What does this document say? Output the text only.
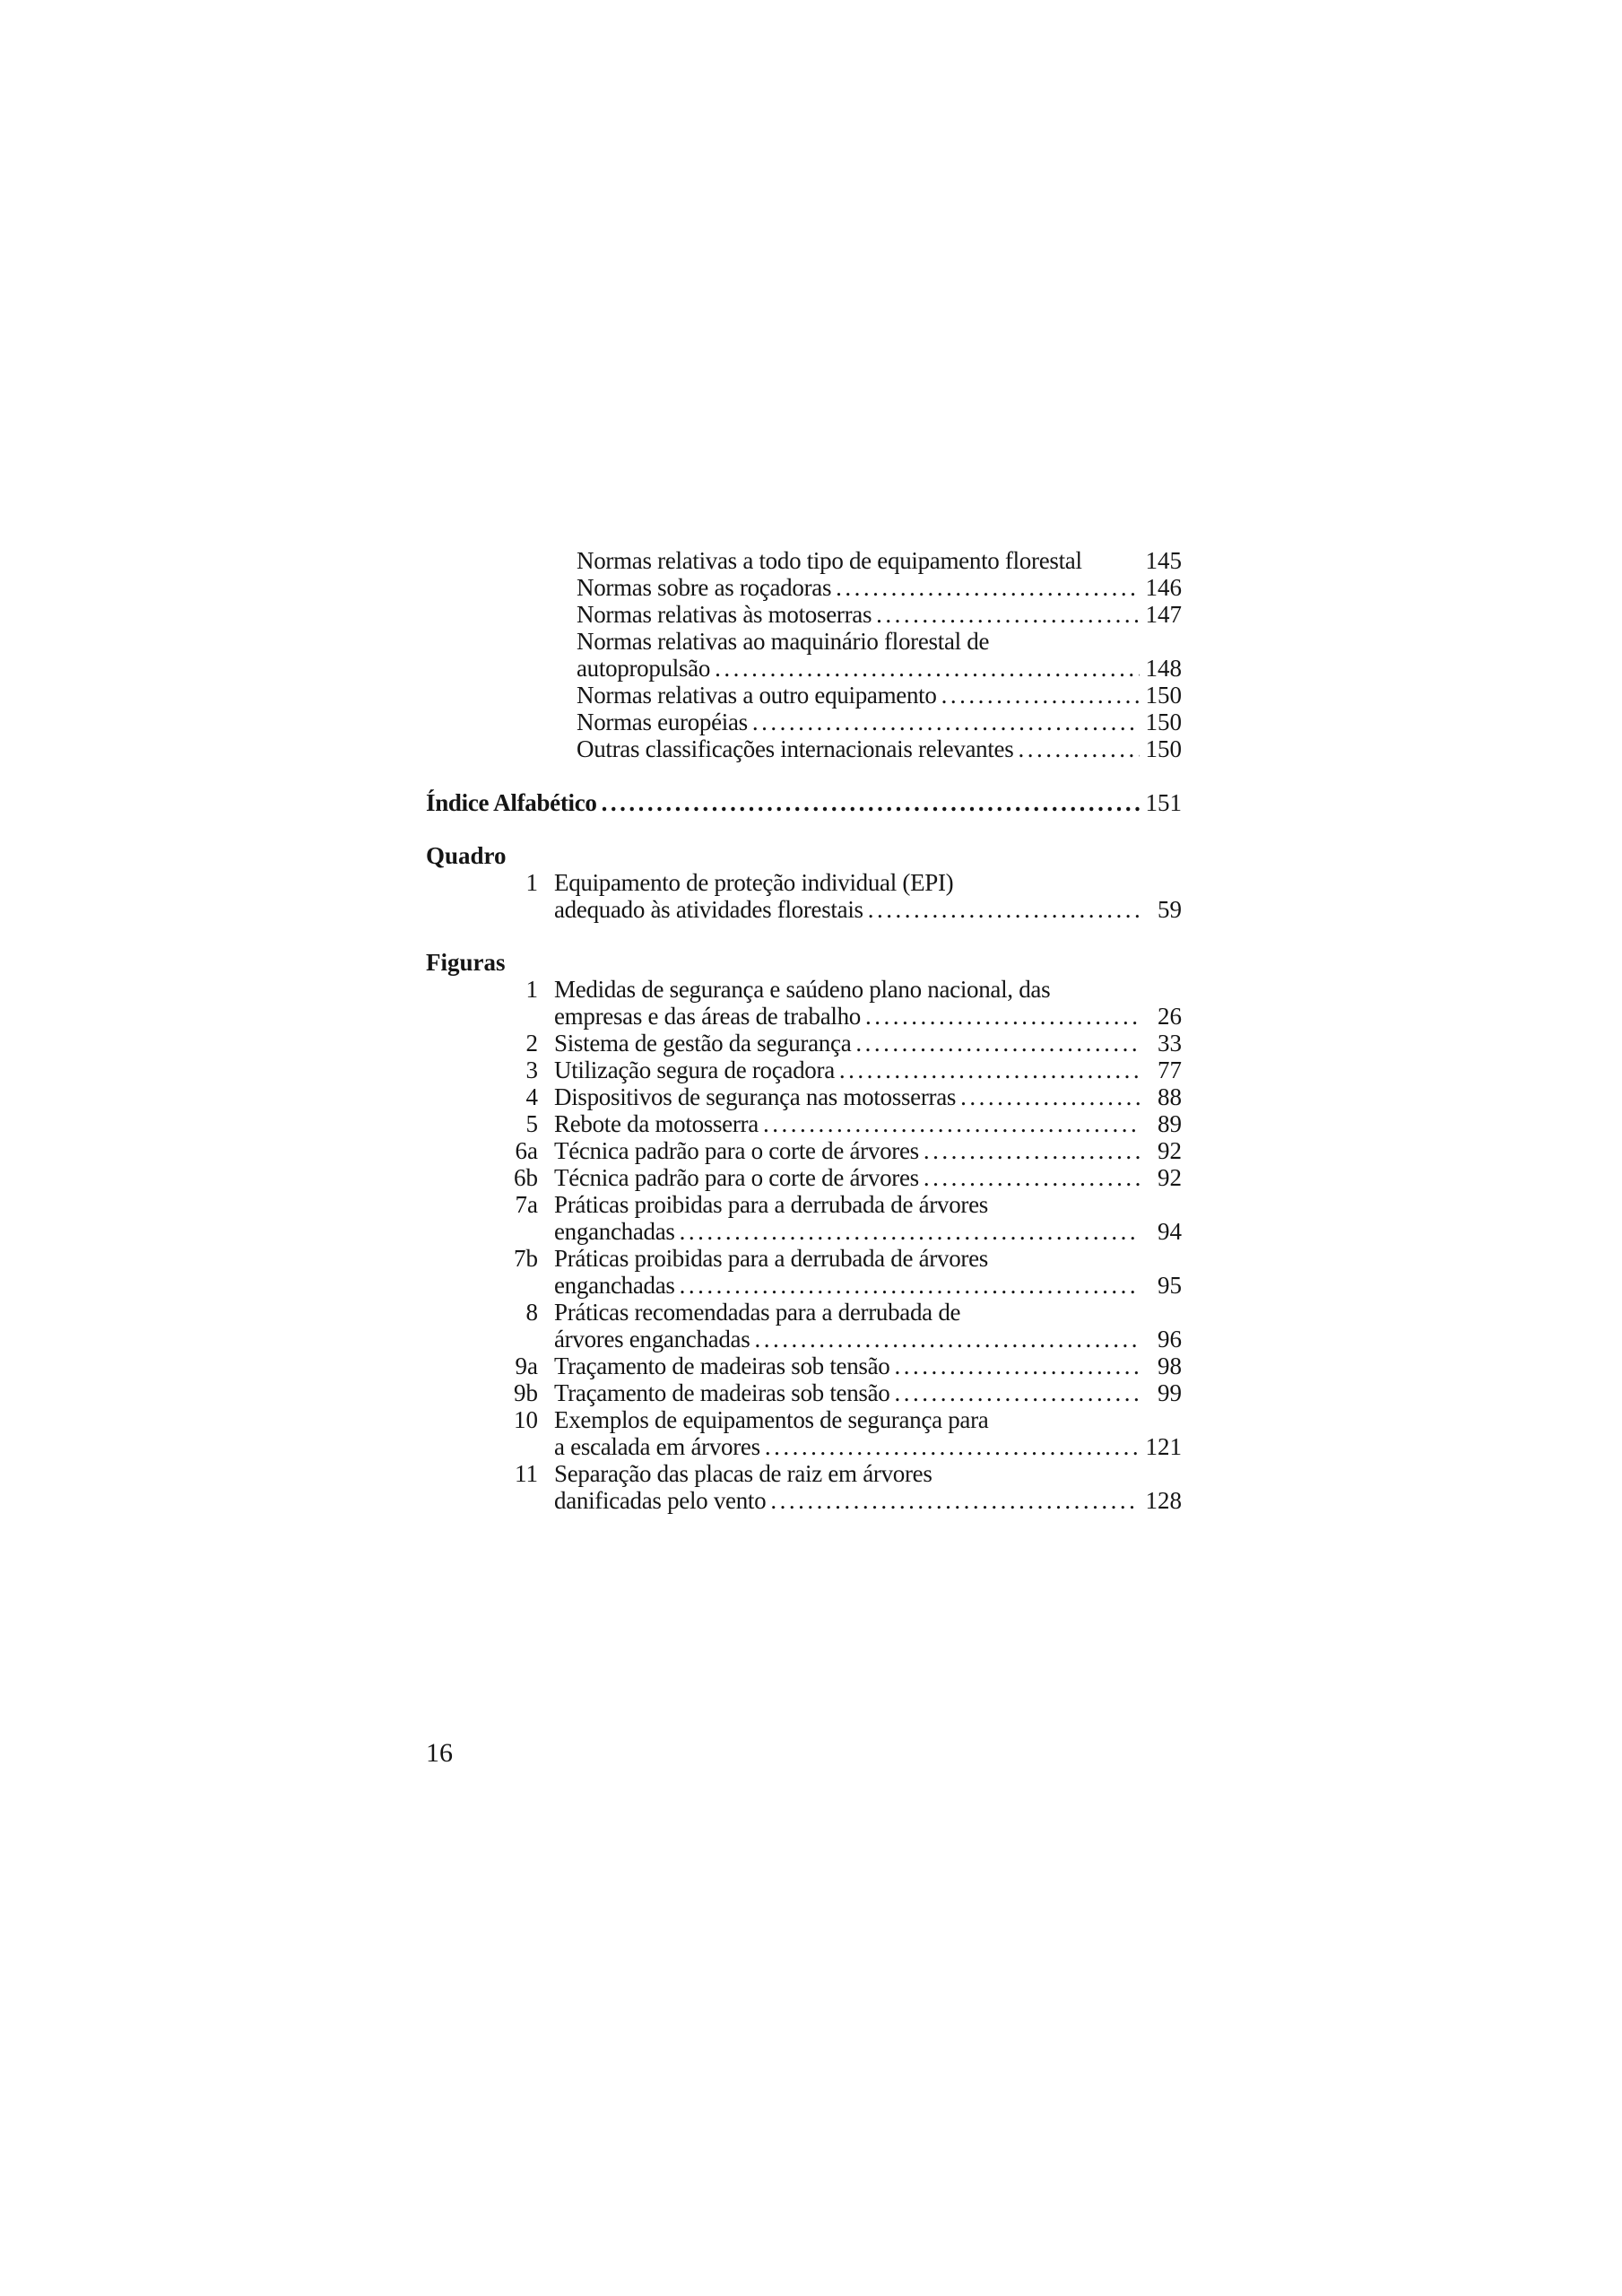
Normas relativas a todo tipo de equipamento florestal	145
Normas sobre as roçadoras .....	146
Normas relativas às motoserras .....	147
Normas relativas ao maquinário florestal de
autopropulsão .....	148
Normas relativas a outro equipamento .....	150
Normas européias .....	150
Outras classificações internacionais relevantes .....	150
Índice Alfabético .....	151
Quadro
1 Equipamento de proteção individual (EPI)
adequado às atividades florestais .....	59
Figuras
1 Medidas de segurança e saúdeno plano nacional, das
empresas e das áreas de trabalho .....	26
2 Sistema de gestão da segurança .....	33
3 Utilização segura de roçadora .....	77
4 Dispositivos de segurança nas motosserras .....	88
5 Rebote da motosserra .....	89
6a Técnica padrão para o corte de árvores .....	92
6b Técnica padrão para o corte de árvores .....	92
7a Práticas proibidas para a derrubada de árvores
enganchadas .....	94
7b Práticas proibidas para a derrubada de árvores
enganchadas .....	95
8 Práticas recomendadas para a derrubada de
árvores enganchadas .....	96
9a Traçamento de madeiras sob tensão .....	98
9b Traçamento de madeiras sob tensão .....	99
10 Exemplos de equipamentos de segurança para
a escalada em árvores .....	121
11 Separação das placas de raiz em árvores
danificadas pelo vento .....	128
16
